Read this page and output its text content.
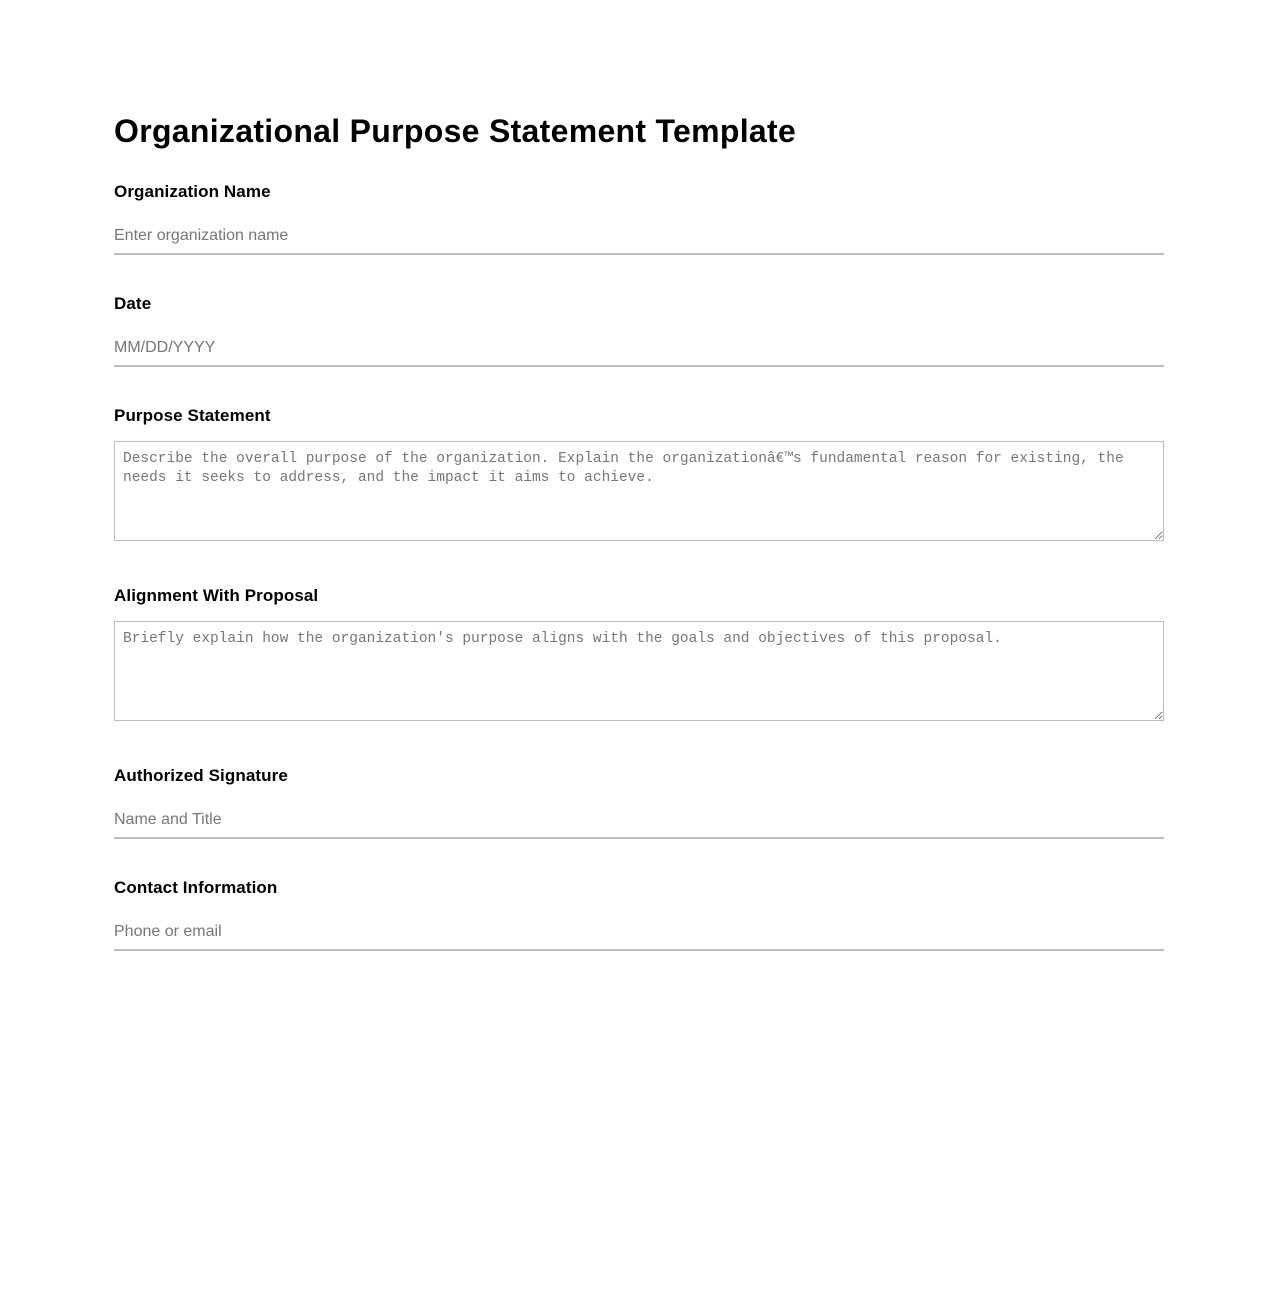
Organizational Purpose Statement Template
Organization Name
Enter organization name
Date
MM/DD/YYYY
Purpose Statement
Describe the overall purpose of the organization. Explain the organizationâ€™s fundamental reason for existing, the needs it seeks to address, and the impact it aims to achieve.
Alignment With Proposal
Briefly explain how the organization's purpose aligns with the goals and objectives of this proposal.
Authorized Signature
Name and Title
Contact Information
Phone or email
